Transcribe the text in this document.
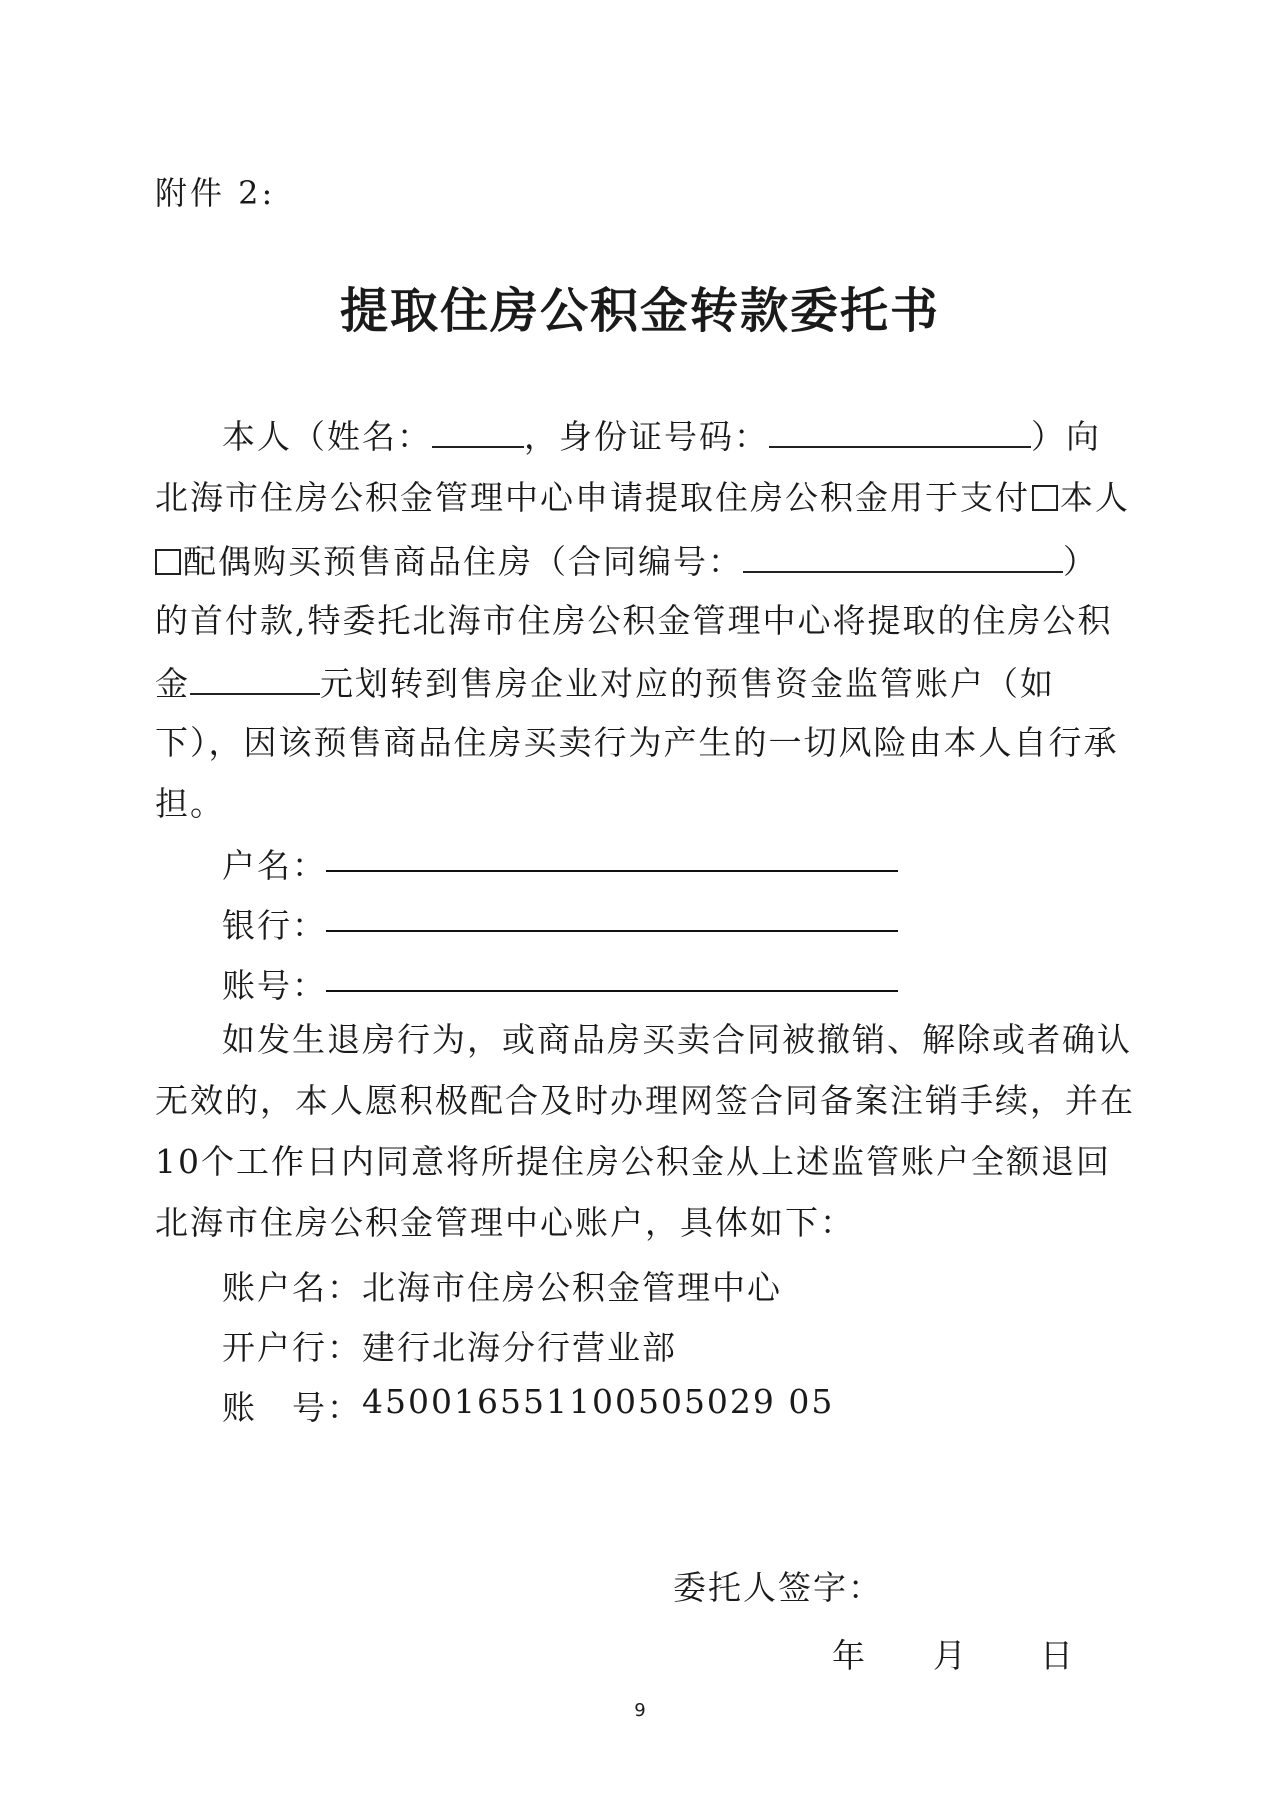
附件 2:
提取住房公积金转款委托书
本人（姓名：	，身份证号码：	）向
北海市住房公积金管理中心申请提取住房公积金用于支付 本人
配偶购买预售商品住房（合同编号：	）
的首付款,特委托北海市住房公积金管理中心将提取的住房公积
金	元划转到售房企业对应的预售资金监管账户（如
下），因该预售商品住房买卖行为产生的一切风险由本人自行承
担。
户名：
银行：
账号：
如发生退房行为，或商品房买卖合同被撤销、解除或者确认
无效的，本人愿积极配合及时办理网签合同备案注销手续，并在
10个工作日内同意将所提住房公积金从上述监管账户全额退回
北海市住房公积金管理中心账户，具体如下：
账户名： 北海市住房公积金管理中心
开户行： 建行北海分行营业部
账　号： 450016551100505029 05
委托人签字：
年 月 日
9
